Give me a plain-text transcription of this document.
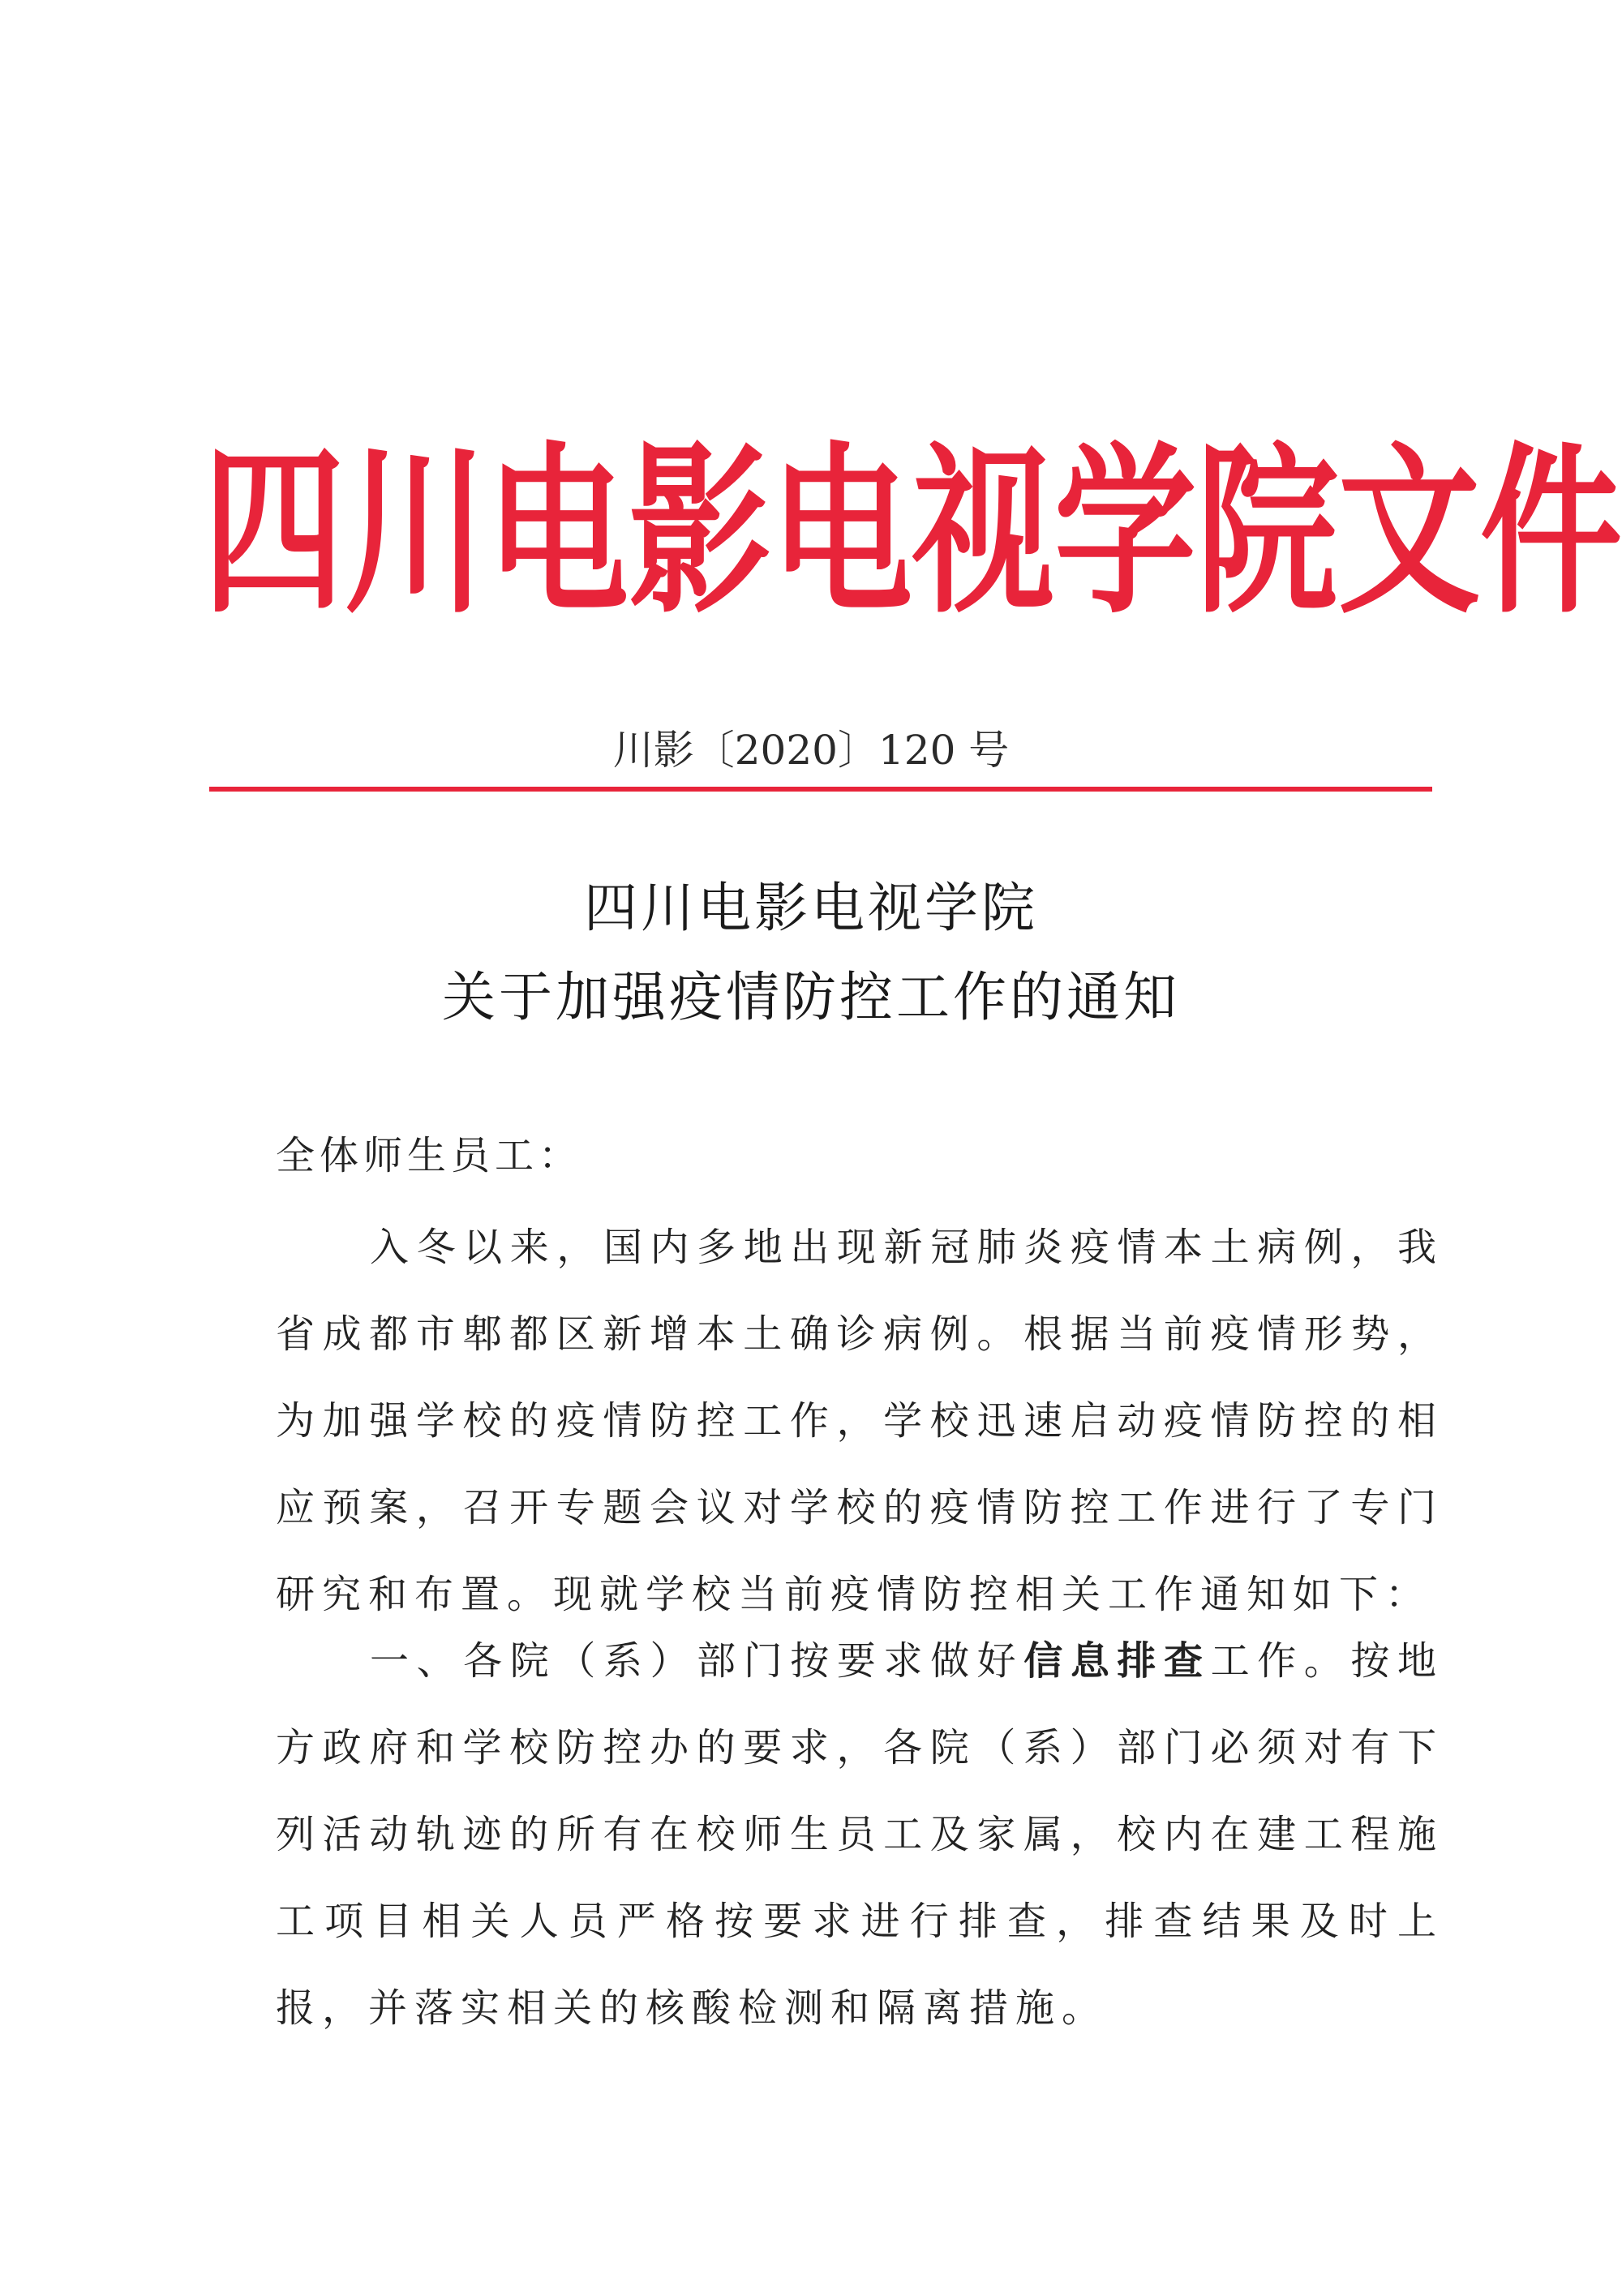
四 川 电 影 电 视 学 院 文 件
川影〔2020〕120 号
四川电影电视学院
关于加强疫情防控工作的通知
全体师生员工：
入冬以来，国内多地出现新冠肺炎疫情本土病例，我省成都市郫都区新增本土确诊病例。根据当前疫情形势，为加强学校的疫情防控工作，学校迅速启动疫情防控的相应预案，召开专题会议对学校的疫情防控工作进行了专门研究和布置。现就学校当前疫情防控相关工作通知如下：
一、各院（系）部门按要求做好信息排查工作。按地方政府和学校防控办的要求，各院（系）部门必须对有下列活动轨迹的所有在校师生员工及家属，校内在建工程施工项目相关人员严格按要求进行排查，排查结果及时上报，并落实相关的核酸检测和隔离措施。
